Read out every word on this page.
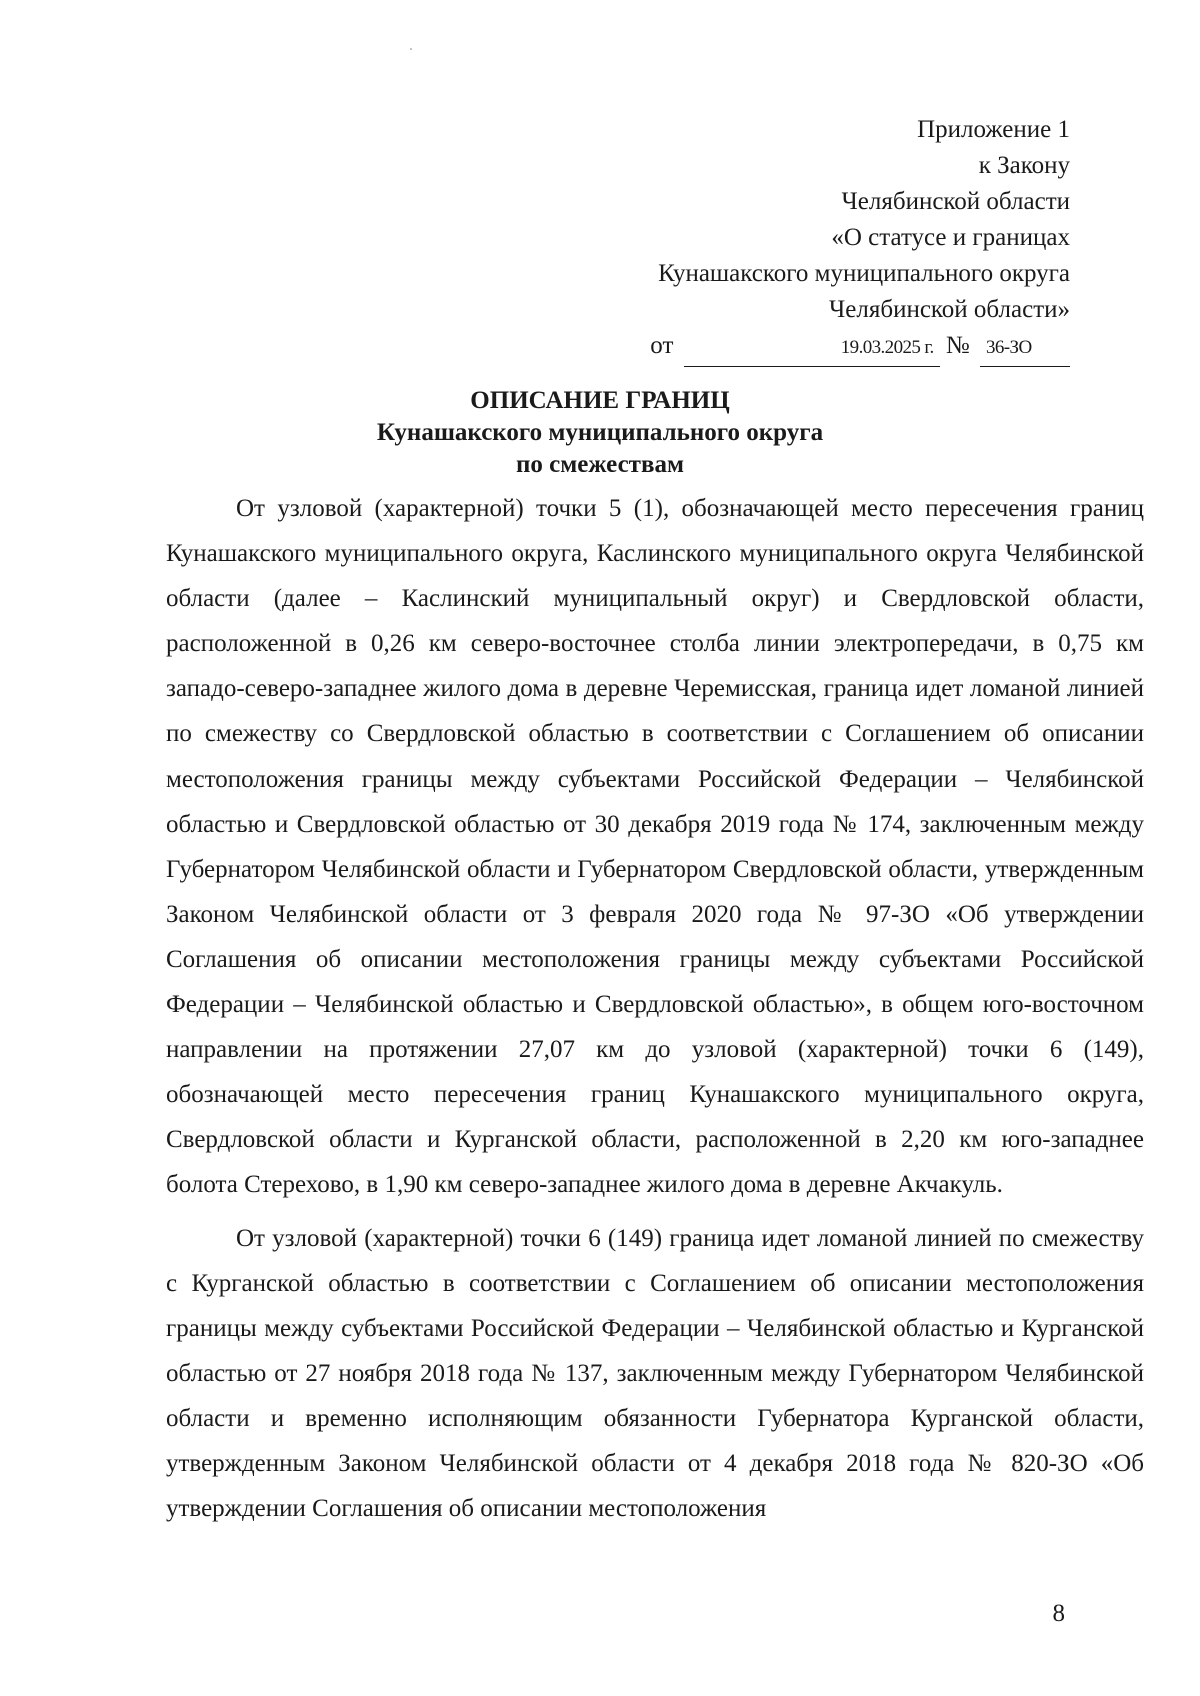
Приложение 1
к Закону
Челябинской области
«О статусе и границах
Кунашакского муниципального округа
Челябинской области»
от	19.03.2025 г. № 36-ЗО
ОПИСАНИЕ ГРАНИЦ
Кунашакского муниципального округа
по смежествам

От узловой (характерной) точки 5 (1), обозначающей место пересечения границ Кунашакского муниципального округа, Каслинского муниципального округа Челябинской области (далее – Каслинский муниципальный округ) и Свердловской области, расположенной в 0,26 км северо-восточнее столба линии электропередачи, в 0,75 км западо-северо-западнее жилого дома в деревне Черемисская, граница идет ломаной линией по смежеству со Свердловской областью в соответствии с Соглашением об описании местоположения границы между субъектами Российской Федерации – Челябинской областью и Свердловской областью от 30 декабря 2019 года № 174, заключенным между Губернатором Челябинской области и Губернатором Свердловской области, утвержденным Законом Челябинской области от 3 февраля 2020 года № 97-ЗО «Об утверждении Соглашения об описании местоположения границы между субъектами Российской Федерации – Челябинской областью и Свердловской областью», в общем юго-восточном направлении на протяжении 27,07 км до узловой (характерной) точки 6 (149), обозначающей место пересечения границ Кунашакского муниципального округа, Свердловской области и Курганской области, расположенной в 2,20 км юго-западнее болота Стерехово, в 1,90 км северо-западнее жилого дома в деревне Акчакуль.

От узловой (характерной) точки 6 (149) граница идет ломаной линией по смежеству с Курганской областью в соответствии с Соглашением об описании местоположения границы между субъектами Российской Федерации – Челябинской областью и Курганской областью от 27 ноября 2018 года № 137, заключенным между Губернатором Челябинской области и временно исполняющим обязанности Губернатора Курганской области, утвержденным Законом Челябинской области от 4 декабря 2018 года № 820-ЗО «Об утверждении Соглашения об описании местоположения

8
